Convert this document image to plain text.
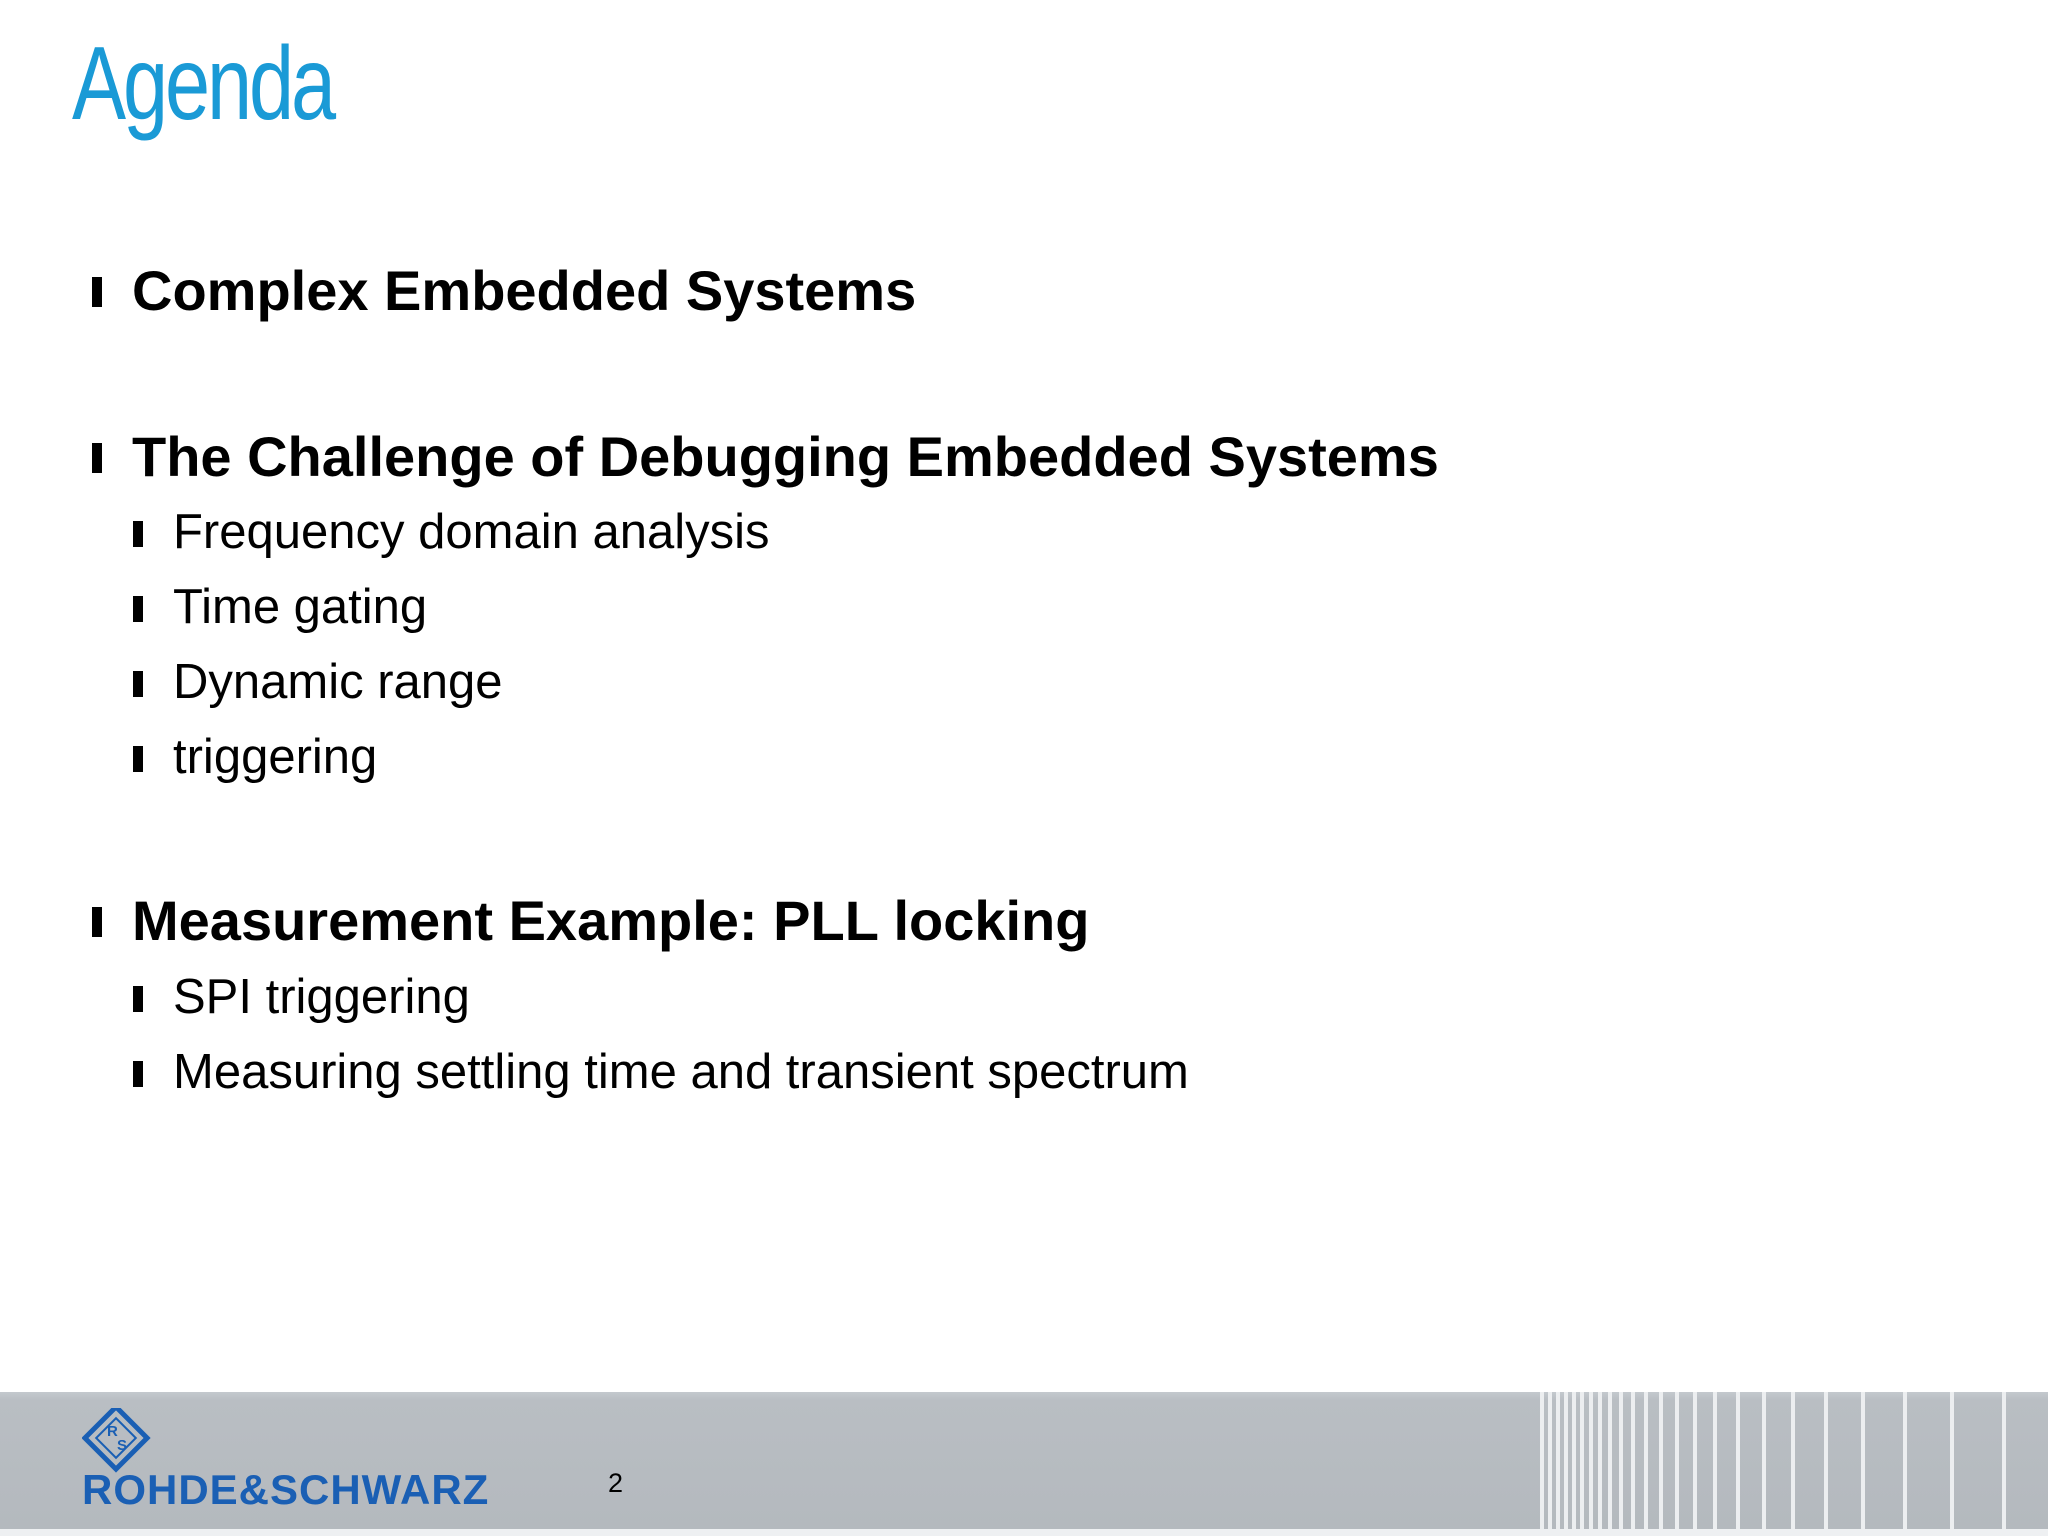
Agenda
Complex Embedded Systems
The Challenge of Debugging Embedded Systems
Frequency domain analysis
Time gating
Dynamic range
triggering
Measurement Example: PLL locking
SPI triggering
Measuring settling time and transient spectrum
R
S
ROHDE&SCHWARZ	2
